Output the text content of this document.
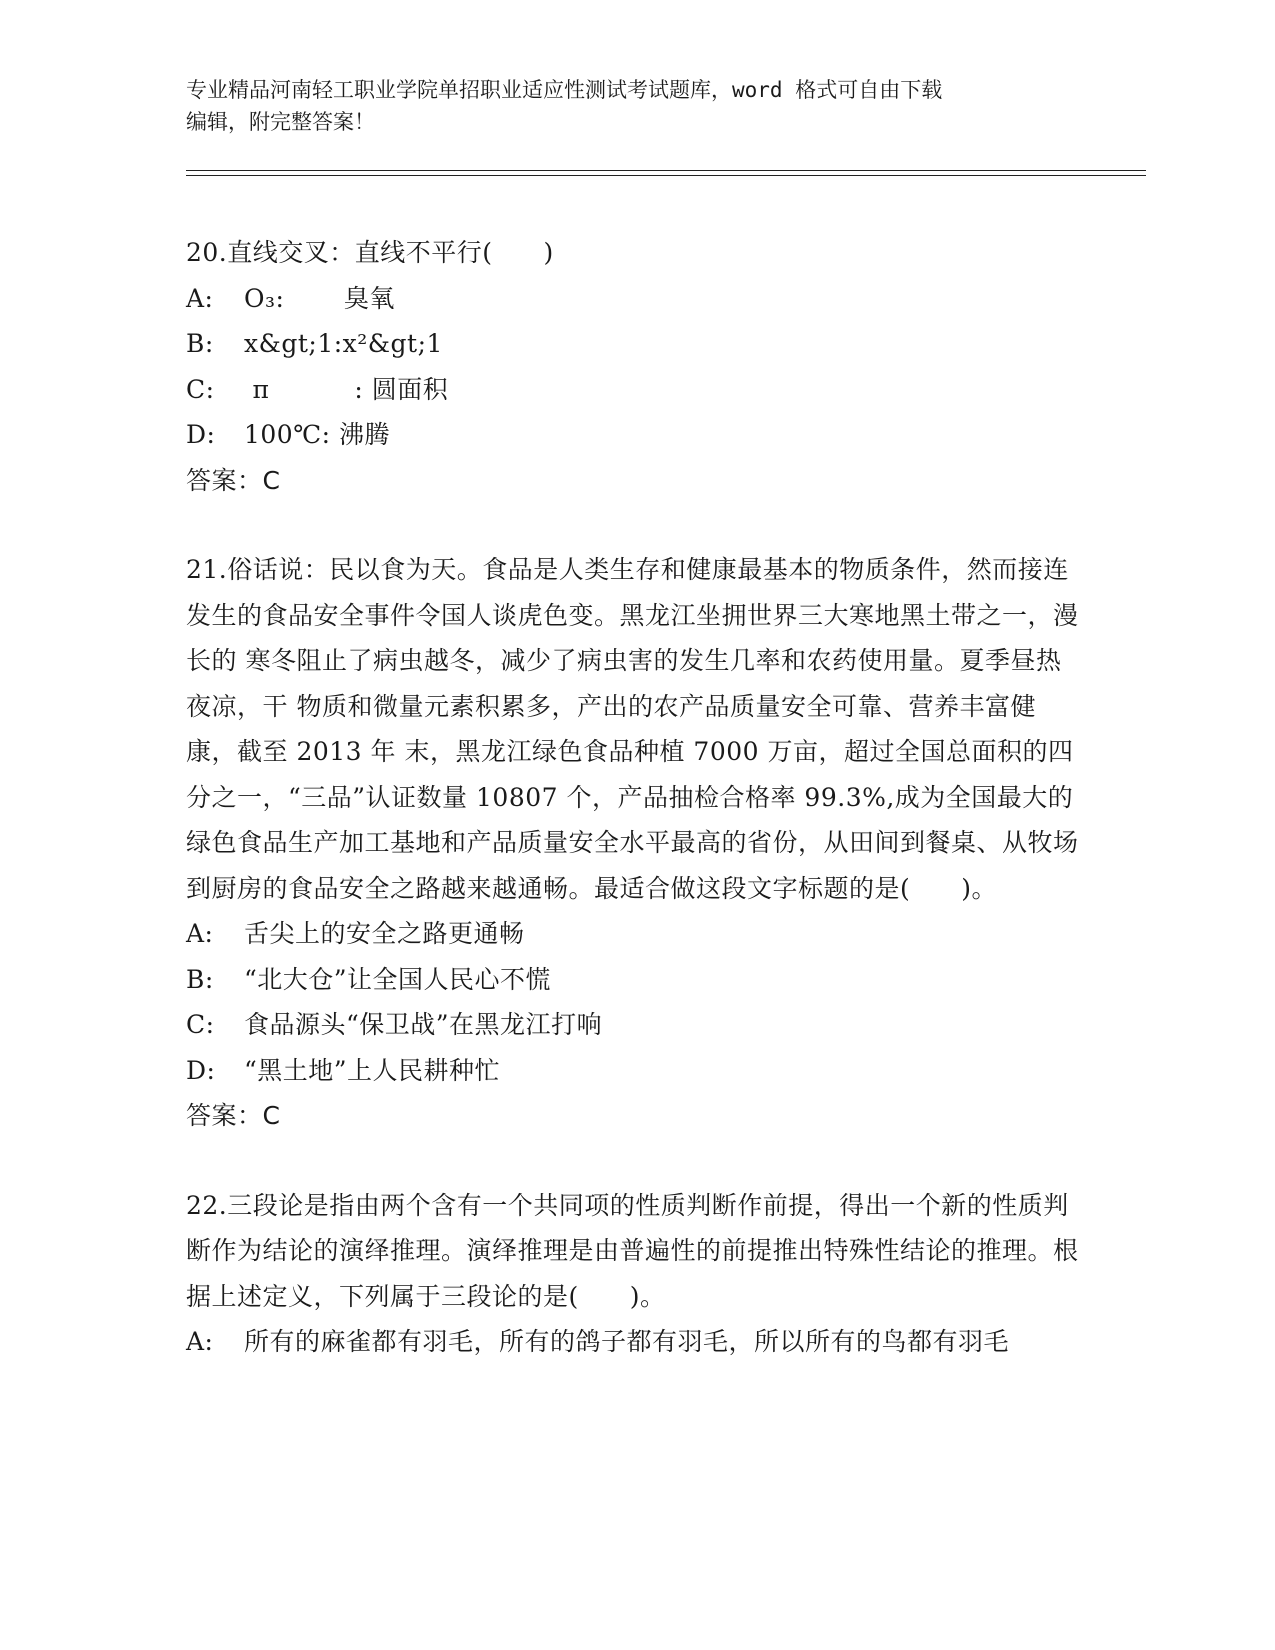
专业精品河南轻工职业学院单招职业适应性测试考试题库，word 格式可自由下载
编辑，附完整答案！

20.直线交叉：直线不平行(　　)

A: O₃:　　 臭氧

B: x&gt;1:x²&gt;1

C: π　　　 : 圆面积

D: 100℃: 沸腾

答案：C

21.俗话说：民以食为天。食品是人类生存和健康最基本的物质条件，然而接连 发生的食品安全事件令国人谈虎色变。黑龙江坐拥世界三大寒地黑土带之一，漫长的 寒冬阻止了病虫越冬，减少了病虫害的发生几率和农药使用量。夏季昼热夜凉，干 物质和微量元素积累多，产出的农产品质量安全可靠、营养丰富健康，截至 2013 年 末，黑龙江绿色食品种植 7000 万亩，超过全国总面积的四分之一，“三品”认证数量 10807 个，产品抽检合格率 99.3%,成为全国最大的绿色食品生产加工基地和产品质量安全水平最高的省份，从田间到餐桌、从牧场到厨房的食品安全之路越来越通畅。最适合做这段文字标题的是(　　)。

A: 舌尖上的安全之路更通畅

B: “北大仓”让全国人民心不慌

C: 食品源头“保卫战”在黑龙江打响

D: “黑土地”上人民耕种忙

答案：C

22.三段论是指由两个含有一个共同项的性质判断作前提，得出一个新的性质判断作为结论的演绎推理。演绎推理是由普遍性的前提推出特殊性结论的推理。根据上述定义，下列属于三段论的是(　　)。

A: 所有的麻雀都有羽毛，所有的鸽子都有羽毛，所以所有的鸟都有羽毛
